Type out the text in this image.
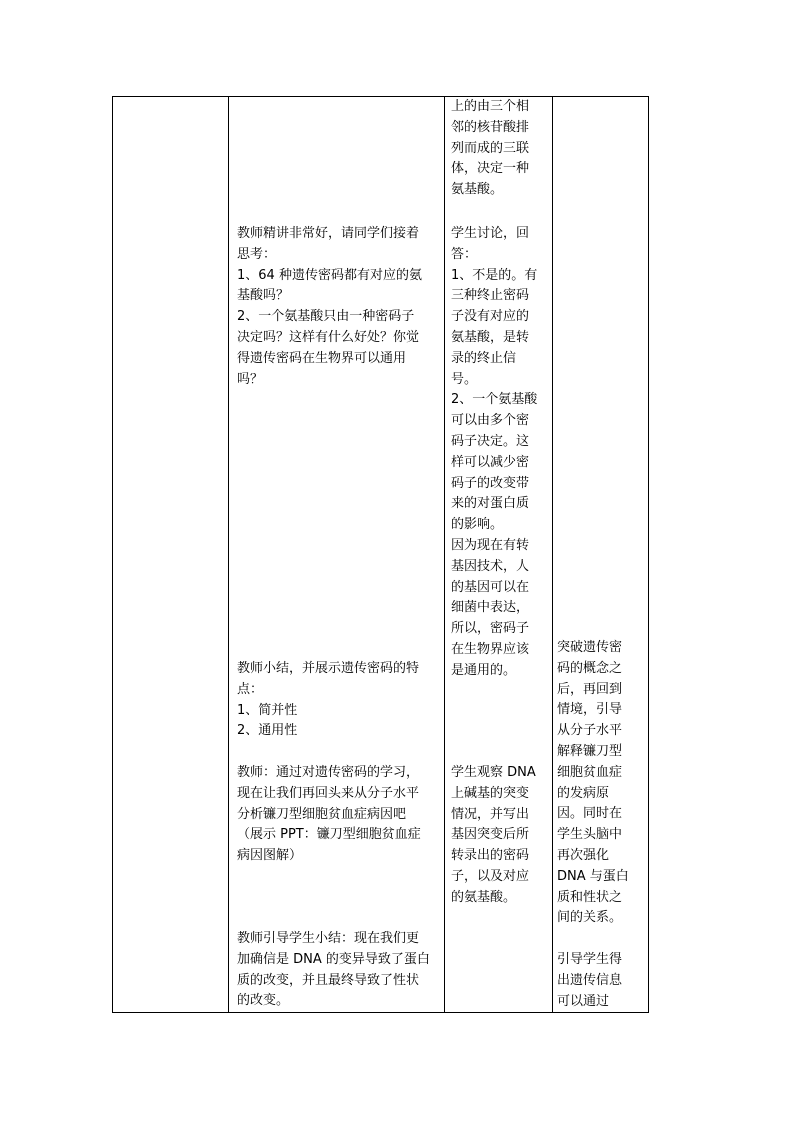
教师精讲非常好，请同学们接着
思考：
1、64 种遗传密码都有对应的氨
基酸吗？
2、一个氨基酸只由一种密码子
决定吗？这样有什么好处？你觉
得遗传密码在生物界可以通用
吗？
教师小结，并展示遗传密码的特
点：
1、简并性
2、通用性
教师：通过对遗传密码的学习，
现在让我们再回头来从分子水平
分析镰刀型细胞贫血症病因吧
（展示 PPT：镰刀型细胞贫血症
病因图解）
教师引导学生小结：现在我们更
加确信是 DNA 的变异导致了蛋白
质的改变，并且最终导致了性状
的改变。
上的由三个相
邻的核苷酸排
列而成的三联
体，决定一种
氨基酸。
学生讨论，回
答：
1、不是的。有
三种终止密码
子没有对应的
氨基酸，是转
录的终止信
号。
2、一个氨基酸
可以由多个密
码子决定。这
样可以减少密
码子的改变带
来的对蛋白质
的影响。
因为现在有转
基因技术，人
的基因可以在
细菌中表达，
所以，密码子
在生物界应该
是通用的。
学生观察 DNA
上碱基的突变
情况，并写出
基因突变后所
转录出的密码
子，以及对应
的氨基酸。
突破遗传密
码的概念之
后，再回到
情境，引导
从分子水平
解释镰刀型
细胞贫血症
的发病原
因。同时在
学生头脑中
再次强化
DNA 与蛋白
质和性状之
间的关系。
引导学生得
出遗传信息
可以通过
